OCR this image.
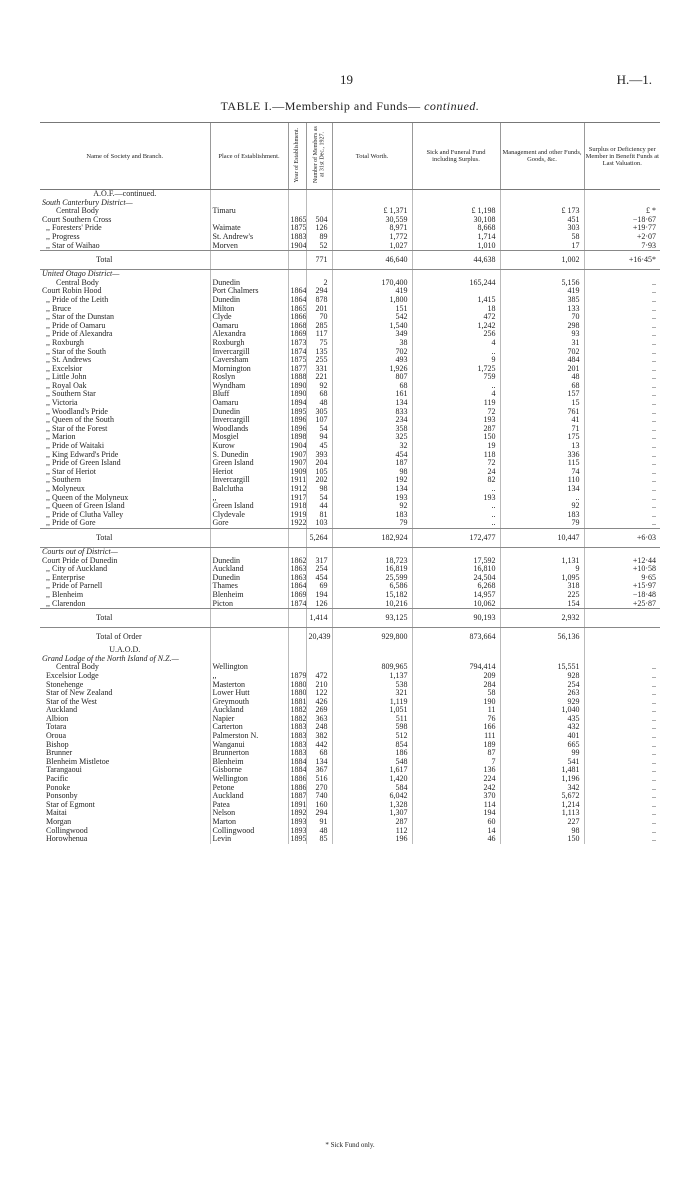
19	H.—1.
TABLE I.—Membership and Funds— continued.
Name of Society and Branch.	Place of Establishment.	Year of Establishment.	Number of Members as at 31st Dec., 1927.	Total Worth.	Sick and Funeral Fund including Surplus.	Management and other Funds, Goods, &c.	Surplus or Deficiency per Member in Benefit Funds at Last Valuation.
A.O.F.—continued.							
South Canterbury District—							
Central Body	Timaru			£ 1,371	£ 1,198	£ 173	£ *
Court Southern Cross		1865	504	30,559	30,108	451	−18·67
,, Foresters' Pride	Waimate	1875	126	8,971	8,668	303	+19·77
,, Progress	St. Andrew's	1883	89	1,772	1,714	58	+2·07
,, Star of Waihao	Morven	1904	52	1,027	1,010	17	7·93
Total			771	46,640	44,638	1,002	+16·45*
United Otago District—							
Central Body	Dunedin		2	170,400	165,244	5,156	..
Court Robin Hood	Port Chalmers	1864	294	419		419	..
,, Pride of the Leith	Dunedin	1864	878	1,800	1,415	385	..
,, Bruce	Milton	1865	201	151	18	133	..
,, Star of the Dunstan	Clyde	1866	70	542	472	70	..
,, Pride of Oamaru	Oamaru	1868	285	1,540	1,242	298	..
,, Pride of Alexandra	Alexandra	1869	117	349	256	93	..
,, Roxburgh	Roxburgh	1873	75	38	4	31	..
,, Star of the South	Invercargill	1874	135	702	..	702	..
,, St. Andrews	Caversham	1875	255	493	9	484	..
,, Excelsior	Mornington	1877	331	1,926	1,725	201	..
,, Little John	Roslyn	1888	221	807	759	48	..
,, Royal Oak	Wyndham	1890	92	68	..	68	..
,, Southern Star	Bluff	1890	68	161	4	157	..
,, Victoria	Oamaru	1894	48	134	119	15	..
,, Woodland's Pride	Dunedin	1895	305	833	72	761	..
,, Queen of the South	Invercargill	1896	107	234	193	41	..
,, Star of the Forest	Woodlands	1896	54	358	287	71	..
,, Marion	Mosgiel	1898	94	325	150	175	..
,, Pride of Waitaki	Kurow	1904	45	32	19	13	..
,, King Edward's Pride	S. Dunedin	1907	393	454	118	336	..
,, Pride of Green Island	Green Island	1907	204	187	72	115	..
,, Star of Heriot	Heriot	1909	105	98	24	74	..
,, Southern	Invercargill	1911	202	192	82	110	..
,, Molyneux	Balclutha	1912	98	134	..	134	..
,, Queen of the Molyneux	,,	1917	54	193	193	..	..
,, Queen of Green Island	Green Island	1918	44	92	..	92	..
,, Pride of Clutha Valley	Clydevale	1919	81	183	..	183	..
,, Pride of Gore	Gore	1922	103	79	..	79	..
Total			5,264	182,924	172,477	10,447	+6·03
Courts out of District—							
Court Pride of Dunedin	Dunedin	1862	317	18,723	17,592	1,131	+12·44
,, City of Auckland	Auckland	1863	254	16,819	16,810	9	+10·58
,, Enterprise	Dunedin	1863	454	25,599	24,504	1,095	9·65
,, Pride of Parnell	Thames	1864	69	6,586	6,268	318	+15·97
,, Blenheim	Blenheim	1869	194	15,182	14,957	225	−18·48
,, Clarendon	Picton	1874	126	10,216	10,062	154	+25·87
Total			1,414	93,125	90,193	2,932	
Total of Order			20,439	929,800	873,664	56,136	
U.A.O.D.							
Grand Lodge of the North Island of N.Z.—							
Central Body	Wellington			809,965	794,414	15,551	..
Excelsior Lodge	,,	1879	472	1,137	209	928	..
Stonehenge	Masterton	1880	210	538	284	254	..
Star of New Zealand	Lower Hutt	1880	122	321	58	263	..
Star of the West	Greymouth	1881	426	1,119	190	929	..
Auckland	Auckland	1882	269	1,051	11	1,040	..
Albion	Napier	1882	363	511	76	435	..
Totara	Carterton	1883	248	598	166	432	..
Oroua	Palmerston N.	1883	382	512	111	401	..
Bishop	Wanganui	1883	442	854	189	665	..
Brunner	Brunnerton	1883	68	186	87	99	..
Blenheim Mistletoe	Blenheim	1884	134	548	7	541	..
Tarangaoui	Gisborne	1884	367	1,617	136	1,481	..
Pacific	Wellington	1886	516	1,420	224	1,196	..
Ponoke	Petone	1886	270	584	242	342	..
Ponsonby	Auckland	1887	740	6,042	370	5,672	..
Star of Egmont	Patea	1891	160	1,328	114	1,214	..
Maitai	Nelson	1892	294	1,307	194	1,113	..
Morgan	Marton	1893	91	287	60	227	..
Collingwood	Collingwood	1893	48	112	14	98	..
Horowhenua	Levin	1895	85	196	46	150	..
* Sick Fund only.
